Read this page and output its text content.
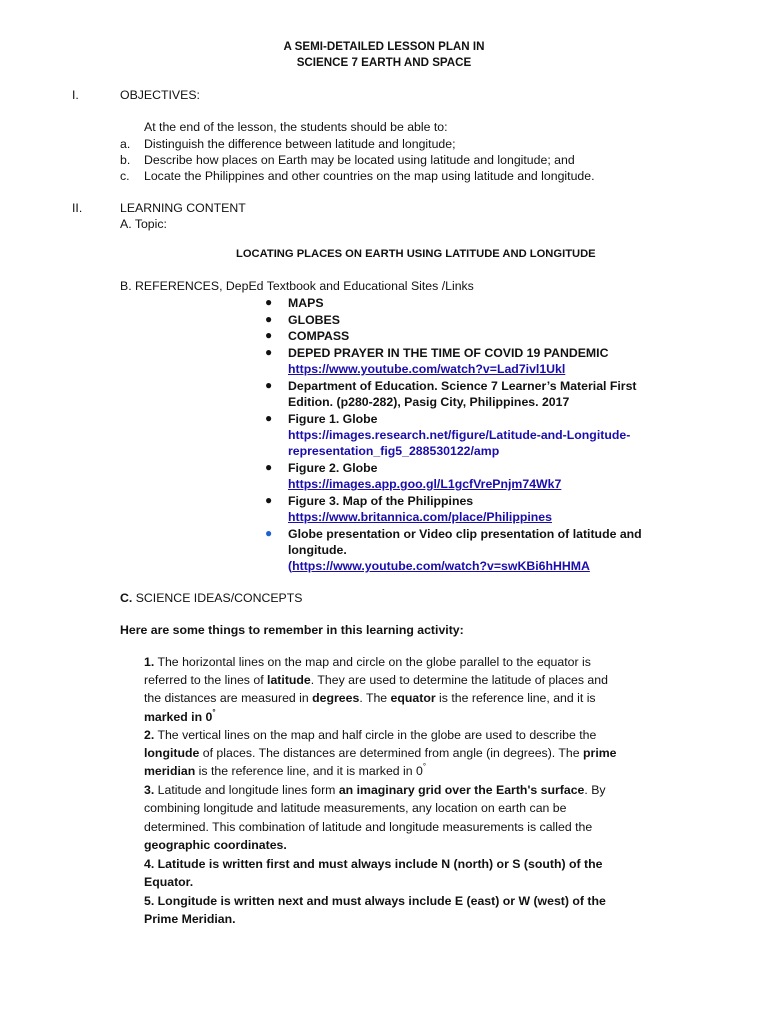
A SEMI-DETAILED LESSON PLAN IN
SCIENCE 7 EARTH AND SPACE
I.	OBJECTIVES:
At the end of the lesson, the students should be able to:
a. Distinguish the difference between latitude and longitude;
b. Describe how places on Earth may be located using latitude and longitude; and
c. Locate the Philippines and other countries on the map using latitude and longitude.
II.	LEARNING CONTENT
A. Topic:
LOCATING PLACES ON EARTH USING LATITUDE AND LONGITUDE
B. REFERENCES, DepEd Textbook and Educational Sites /Links
● MAPS
● GLOBES
● COMPASS
● DEPED PRAYER IN THE TIME OF COVID 19 PANDEMIC
https://www.youtube.com/watch?v=Lad7ivl1Ukl
● Department of Education. Science 7 Learner’s Material First
Edition. (p280-282), Pasig City, Philippines. 2017
● Figure 1. Globe
https://images.research.net/figure/Latitude-and-Longitude-
representation_fig5_288530122/amp
● Figure 2. Globe
https://images.app.goo.gl/L1gcfVrePnjm74Wk7
● Figure 3. Map of the Philippines
https://www.britannica.com/place/Philippines
● Globe presentation or Video clip presentation of latitude and
longitude.
(https://www.youtube.com/watch?v=swKBi6hHHMA
C. SCIENCE IDEAS/CONCEPTS
Here are some things to remember in this learning activity:
1. The horizontal lines on the map and circle on the globe parallel to the equator is
referred to the lines of latitude. They are used to determine the latitude of places and
the distances are measured in degrees. The equator is the reference line, and it is
marked in 0°
2. The vertical lines on the map and half circle in the globe are used to describe the
longitude of places. The distances are determined from angle (in degrees). The prime
meridian is the reference line, and it is marked in 0°
3. Latitude and longitude lines form an imaginary grid over the Earth's surface. By
combining longitude and latitude measurements, any location on earth can be
determined. This combination of latitude and longitude measurements is called the
geographic coordinates.
4. Latitude is written first and must always include N (north) or S (south) of the
Equator.
5. Longitude is written next and must always include E (east) or W (west) of the
Prime Meridian.
